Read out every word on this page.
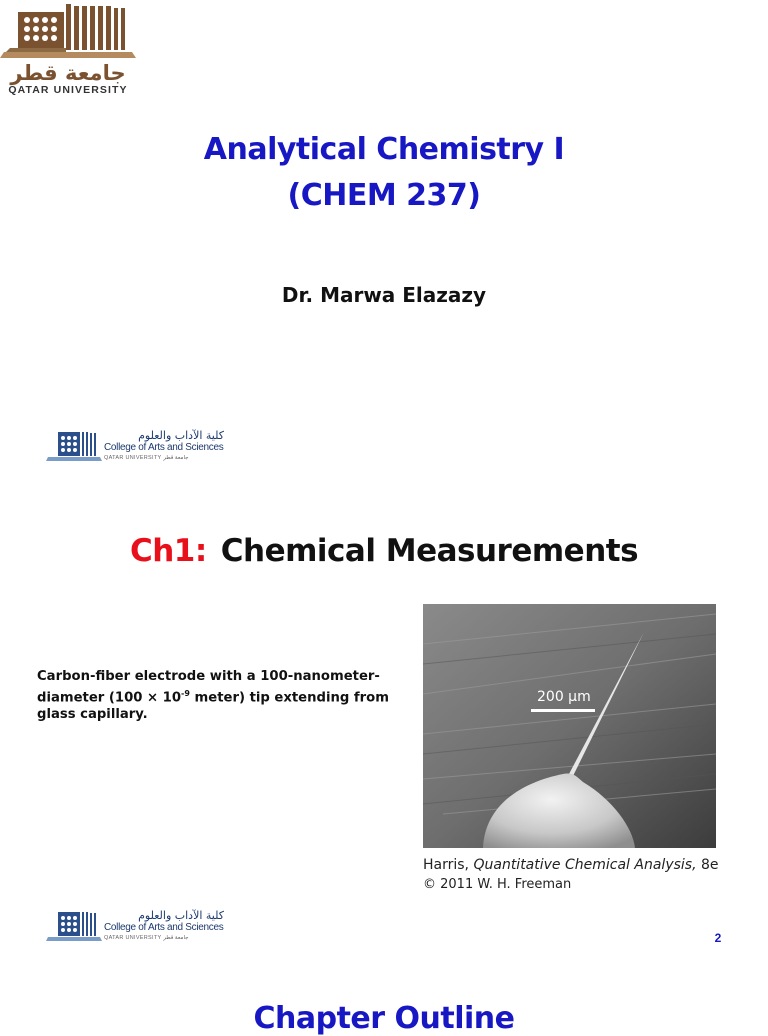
جامعة قطر
QATAR UNIVERSITY
Analytical Chemistry I
(CHEM 237)
Dr. Marwa Elazazy
كلية الآداب والعلوم
College of Arts and Sciences
QATAR UNIVERSITY جامعة قطر
Ch1: Chemical Measurements
Carbon-fiber electrode with a 100-nanometer-diameter ($100 \times 10^{-9}$ meter) tip extending from glass capillary.
200 μm
Harris, Quantitative Chemical Analysis, 8e
© 2011 W. H. Freeman
كلية الآداب والعلوم
College of Arts and Sciences
QATAR UNIVERSITY جامعة قطر	2
Chapter Outline
